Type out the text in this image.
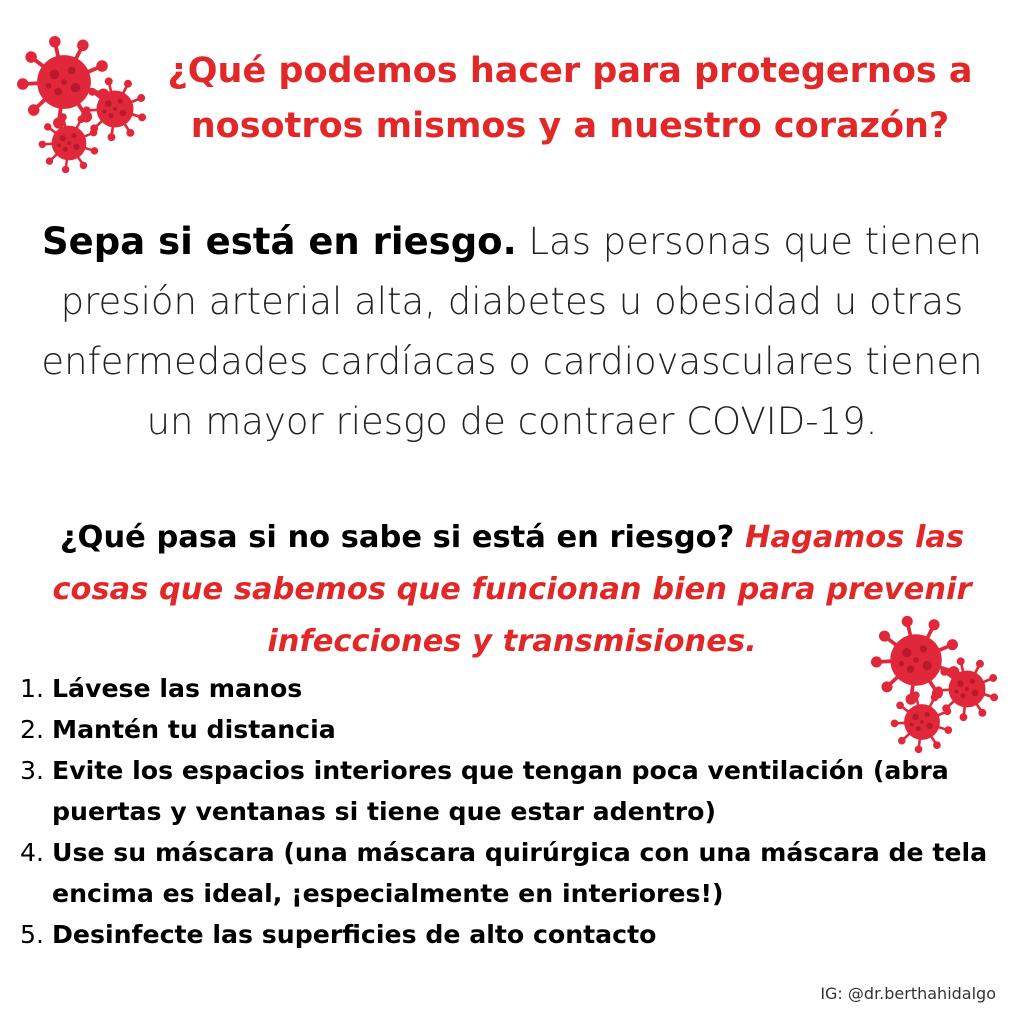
¿Qué podemos hacer para protegernos a nosotros mismos y a nuestro corazón?
Sepa si está en riesgo. Las personas que tienen presión arterial alta, diabetes u obesidad u otras enfermedades cardíacas o cardiovasculares tienen un mayor riesgo de contraer COVID-19.
¿Qué pasa si no sabe si está en riesgo? Hagamos las cosas que sabemos que funcionan bien para prevenir infecciones y transmisiones.
1. Lávese las manos
2. Mantén tu distancia
3. Evite los espacios interiores que tengan poca ventilación (abra puertas y ventanas si tiene que estar adentro)
4. Use su máscara (una máscara quirúrgica con una máscara de tela encima es ideal, ¡especialmente en interiores!)
5. Desinfecte las superficies de alto contacto
IG: @dr.berthahidalgo
